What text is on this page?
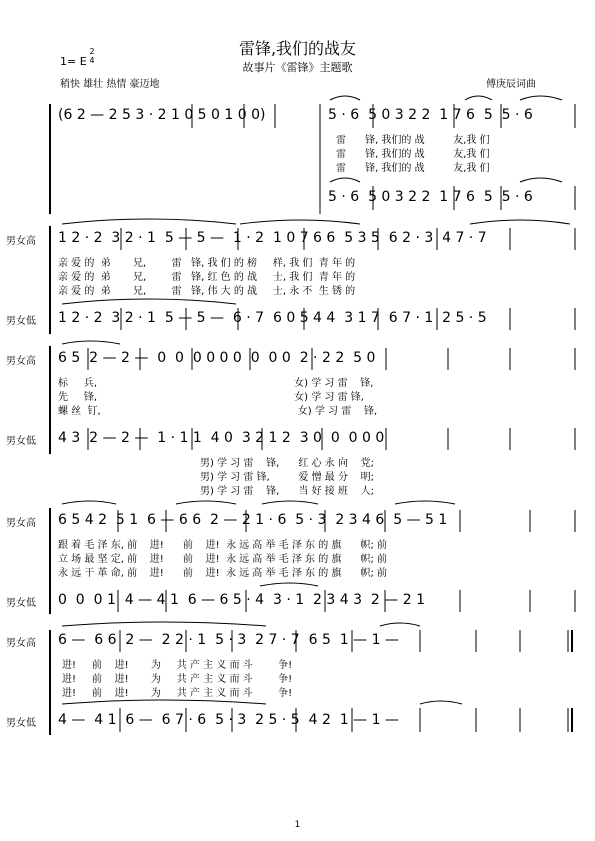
雷锋,我们的战友
1= E
2
4
故事片《雷锋》主题歌
稍快 雄壮 热情 豪迈地	傅庚辰词曲
(6 2 — 2 5 3 · 2 1 0 5 0 1 0 0)	5 · 6  5 0 3 2 2  1 7 6  5  5 · 6
雷      锋, 我们的 战         友,我 们
雷      锋, 我们的 战         友,我 们
雷      锋, 我们的 战         友,我 们
5 · 6  5 0 3 2 2  1 7 6  5  5 · 6
男女高 1 2 · 2  3 2 · 1  5 — 5 —  1 · 2  1 0 7 6 6  5 3 5  6 2 · 3  4 7 · 7
亲 爱 的  弟       兄,        雷   锋, 我 们 的 榜     样, 我 们  青 年 的
亲 爱 的  弟       兄,        雷   锋, 红 色 的 战     士, 我 们  青 年 的
亲 爱 的  弟       兄,        雷   锋, 伟 大 的 战     士, 永 不  生 锈 的
男女低 1 2 · 2  3 2 · 1  5 — 5 —  6 · 7  6 0 5 4 4  3 1 7  6 7 · 1  2 5 · 5
男女高 6 5  2 — 2 —  0  0  0 0 0 0  0  0 0  2 · 2 2  5 0
标     兵,                                                              女) 学 习 雷    锋,
先     锋,                                                              女) 学 习 雷 锋,
螺 丝  钉,                                                              女) 学 习 雷    锋,
男女低 4 3  2 — 2 —  1 · 1 1  4 0  3 2 1 2  3 0  0  0 0 0
男) 学 习 雷    锋,      红 心 永 向    党;
男) 学 习 雷 锋,         爱 憎 最 分    明;
男) 学 习 雷    锋,      当 好 接 班    人;
男女高 6 5 4 2  5 1  6 — 6 6  2 — 2 1 · 6  5 · 3  2 3 4 6  5 — 5 1
跟 着 毛 泽 东, 前    进!      前    进!  永 远 高 举 毛 泽 东 的 旗      帜; 前
立 场 最 坚 定, 前    进!      前    进!  永 远 高 举 毛 泽 东 的 旗      帜; 前
永 远 干 革 命, 前    进!      前    进!  永 远 高 举 毛 泽 东 的 旗      帜; 前
男女低 0  0  0 1  4 — 4 1  6 — 6 5 · 4  3 · 1  2 3 4 3  2 — 2 1
男女高 6 —  6 6  2 —  2 2 · 1  5 · 3  2 7 · 7  6 5  1 — 1 —
进!     前    进!       为     共 产 主 义 而 斗        争!
进!     前    进!       为     共 产 主 义 而 斗        争!
进!     前    进!       为     共 产 主 义 而 斗        争!
男女低 4 —  4 1  6 —  6 7 · 6  5 · 3  2 5 · 5  4 2  1 — 1 —
1
